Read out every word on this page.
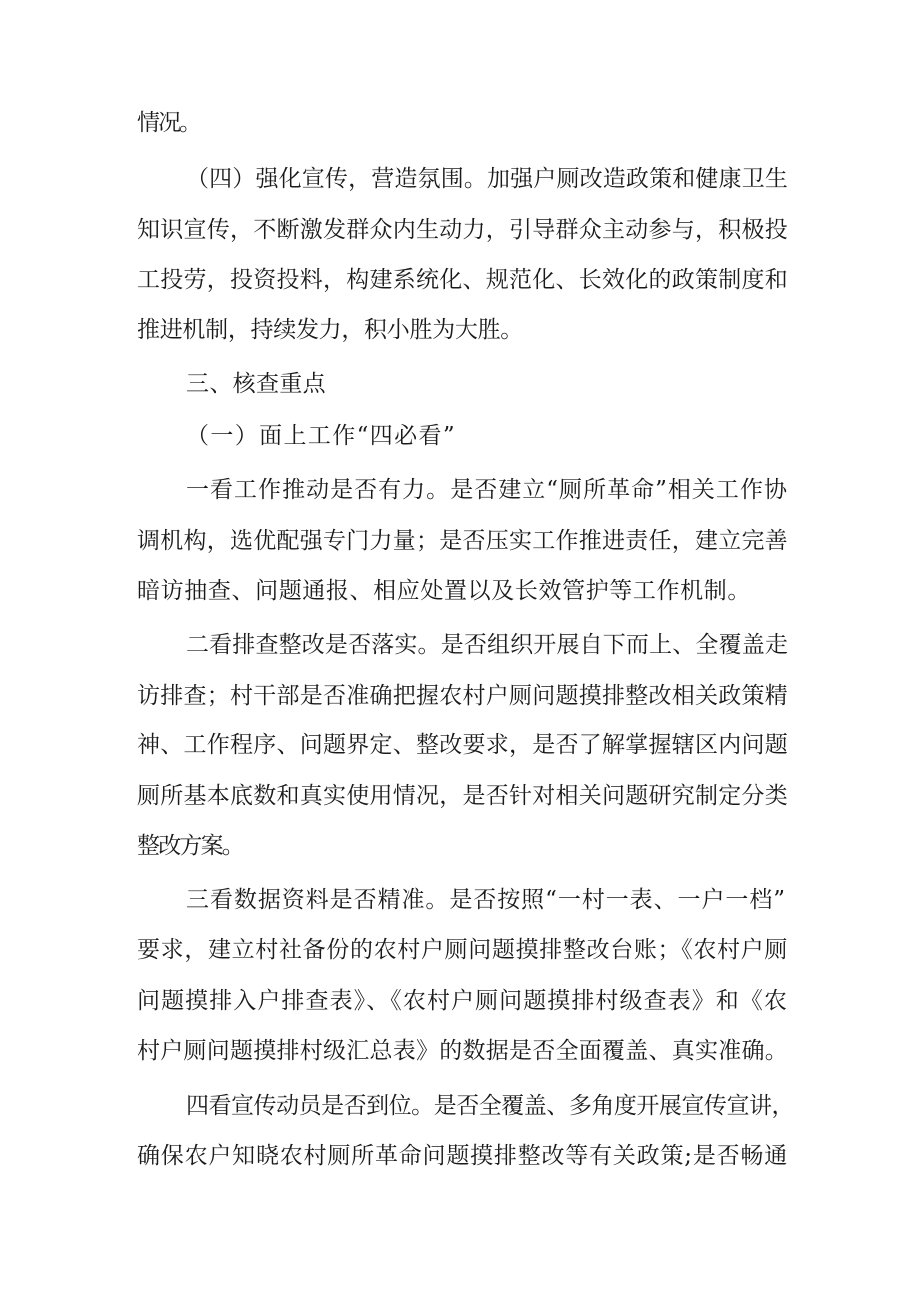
情况。

（四）强化宣传，营造氛围。加强户厕改造政策和健康卫生

知识宣传，不断激发群众内生动力，引导群众主动参与，积极投

工投劳，投资投料，构建系统化、规范化、长效化的政策制度和

推进机制，持续发力，积小胜为大胜。

三、核查重点

（一）面上工作“四必看”

一看工作推动是否有力。是否建立“厕所革命”相关工作协

调机构，选优配强专门力量；是否压实工作推进责任，建立完善

暗访抽查、问题通报、相应处置以及长效管护等工作机制。

二看排查整改是否落实。是否组织开展自下而上、全覆盖走

访排查；村干部是否准确把握农村户厕问题摸排整改相关政策精

神、工作程序、问题界定、整改要求，是否了解掌握辖区内问题

厕所基本底数和真实使用情况，是否针对相关问题研究制定分类

整改方案。

三看数据资料是否精准。是否按照“一村一表、一户一档”

要求，建立村社备份的农村户厕问题摸排整改台账；《农村户厕

问题摸排入户排查表》、《农村户厕问题摸排村级查表》和《农

村户厕问题摸排村级汇总表》的数据是否全面覆盖、真实准确。

四看宣传动员是否到位。是否全覆盖、多角度开展宣传宣讲，

确保农户知晓农村厕所革命问题摸排整改等有关政策;是否畅通
